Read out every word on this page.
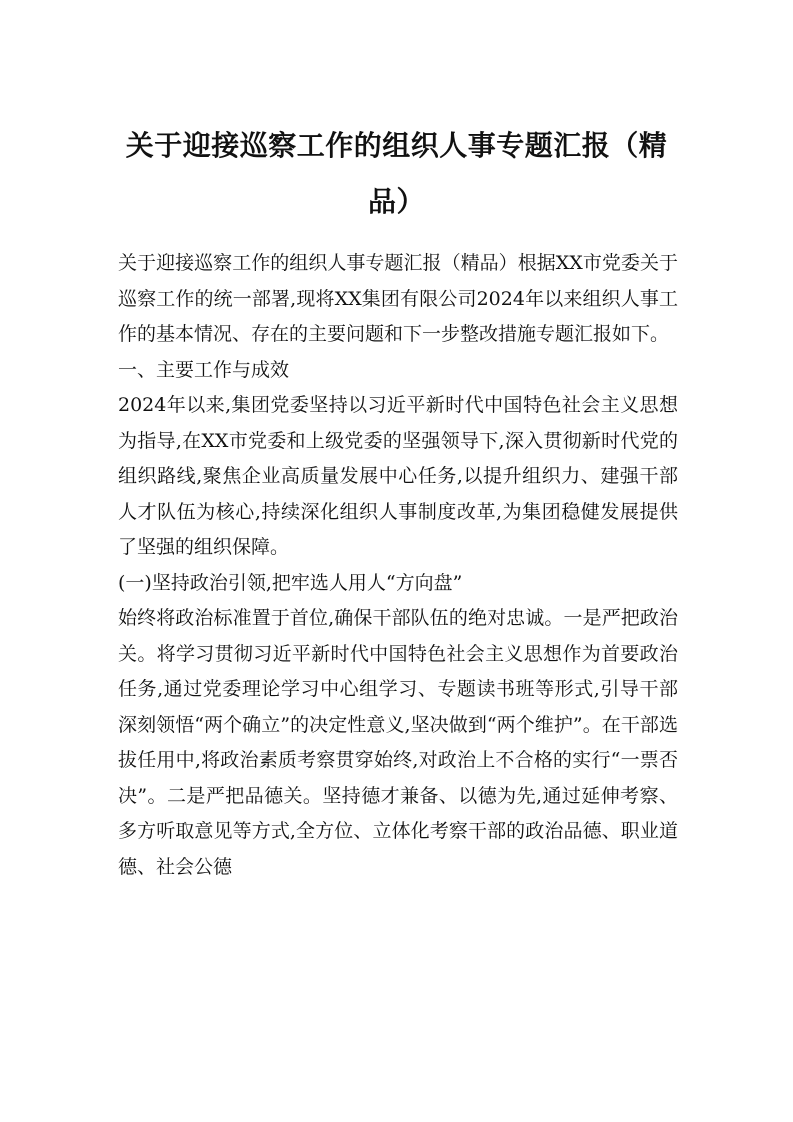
关于迎接巡察工作的组织人事专题汇报（精品）

关于迎接巡察工作的组织人事专题汇报（精品）根据XX市党委关于巡察工作的统一部署,现将XX集团有限公司2024年以来组织人事工作的基本情况、存在的主要问题和下一步整改措施专题汇报如下。

一、主要工作与成效

2024年以来,集团党委坚持以习近平新时代中国特色社会主义思想为指导,在XX市党委和上级党委的坚强领导下,深入贯彻新时代党的组织路线,聚焦企业高质量发展中心任务,以提升组织力、建强干部人才队伍为核心,持续深化组织人事制度改革,为集团稳健发展提供了坚强的组织保障。

(一)坚持政治引领,把牢选人用人“方向盘”

始终将政治标准置于首位,确保干部队伍的绝对忠诚。一是严把政治关。将学习贯彻习近平新时代中国特色社会主义思想作为首要政治任务,通过党委理论学习中心组学习、专题读书班等形式,引导干部深刻领悟“两个确立”的决定性意义,坚决做到“两个维护”。在干部选拔任用中,将政治素质考察贯穿始终,对政治上不合格的实行“一票否决”。二是严把品德关。坚持德才兼备、以德为先,通过延伸考察、多方听取意见等方式,全方位、立体化考察干部的政治品德、职业道德、社会公德
